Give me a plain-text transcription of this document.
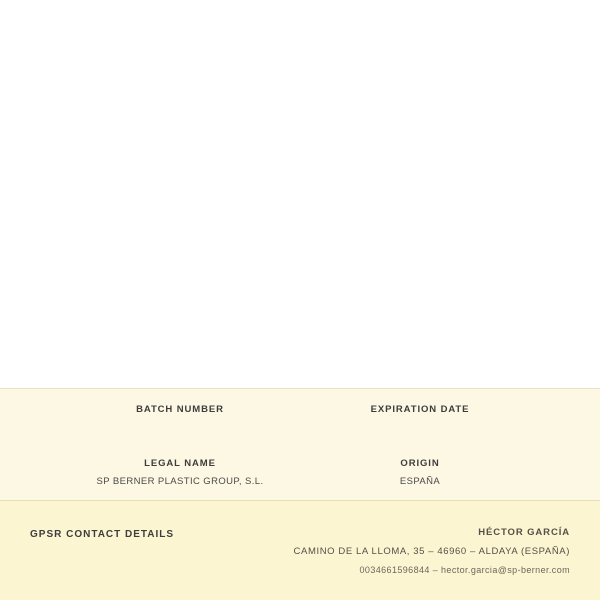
BATCH NUMBER	EXPIRATION DATE
LEGAL NAME
SP BERNER PLASTIC GROUP, S.L.
ORIGIN
ESPAÑA
GPSR CONTACT DETAILS	HÉCTOR GARCÍA
CAMINO DE LA LLOMA, 35 – 46960 – ALDAYA (ESPAÑA)
0034661596844 – hector.garcia@sp-berner.com
